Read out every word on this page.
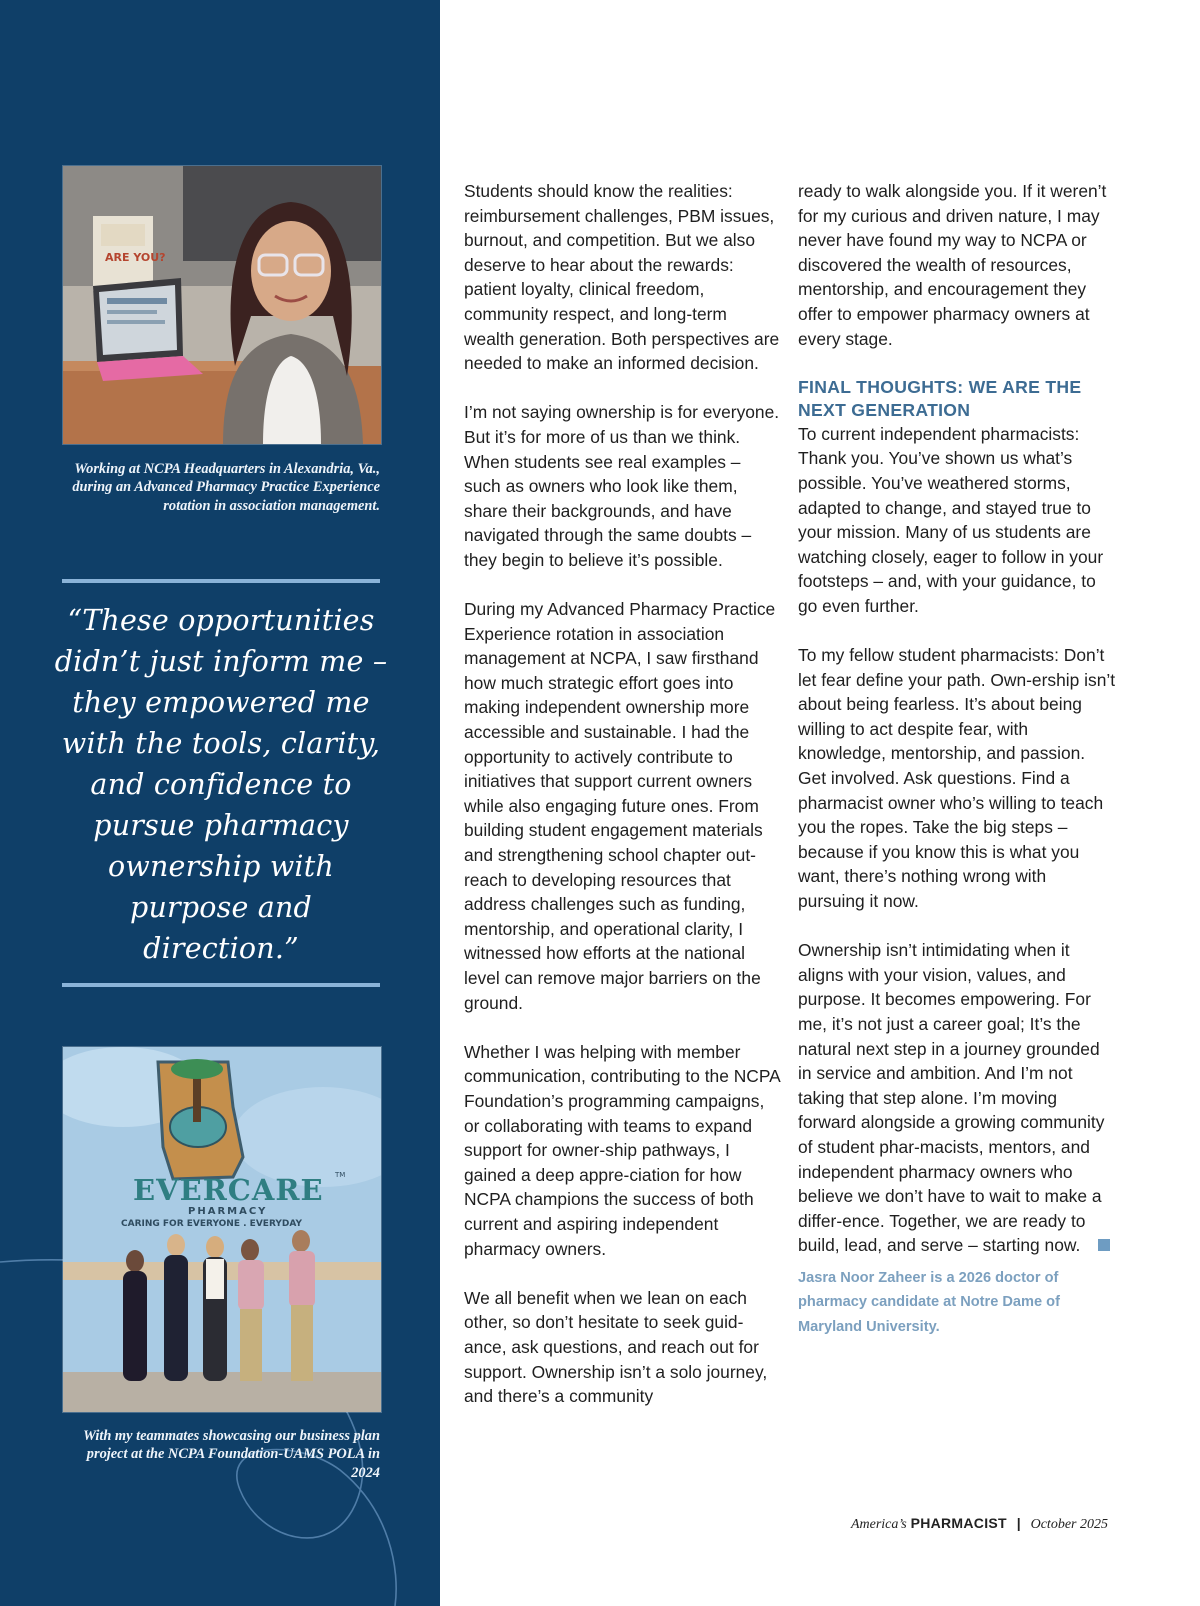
ARE YOU?
Working at NCPA Headquarters in Alexandria, Va., during an Advanced Pharmacy Practice Experience rotation in association management.
“These opportunities didn’t just inform me – they empowered me with the tools, clarity, and confidence to pursue pharmacy ownership with purpose and direction.”
EVERCARE TM
PHARMACY
CARING FOR EVERYONE . EVERYDAY
With my teammates showcasing our business plan project at the NCPA Foundation-UAMS POLA in 2024

Students should know the realities: reimbursement challenges, PBM issues, burnout, and competition. But we also deserve to hear about the rewards: patient loyalty, clinical freedom, community respect, and long-term wealth generation. Both perspectives are needed to make an informed decision.

I’m not saying ownership is for everyone. But it’s for more of us than we think. When students see real examples – such as owners who look like them, share their backgrounds, and have navigated through the same doubts – they begin to believe it’s possible.

During my Advanced Pharmacy Practice Experience rotation in association management at NCPA, I saw firsthand how much strategic effort goes into making independent ownership more accessible and sustainable. I had the opportunity to actively contribute to initiatives that support current owners while also engaging future ones. From building student engagement materials and strengthening school chapter out-reach to developing resources that address challenges such as funding, mentorship, and operational clarity, I witnessed how efforts at the national level can remove major barriers on the ground.

Whether I was helping with member communication, contributing to the NCPA Foundation’s programming campaigns, or collaborating with teams to expand support for owner-ship pathways, I gained a deep appre-ciation for how NCPA champions the success of both current and aspiring independent pharmacy owners.

We all benefit when we lean on each other, so don’t hesitate to seek guid-ance, ask questions, and reach out for support. Ownership isn’t a solo journey, and there’s a community

ready to walk alongside you. If it weren’t for my curious and driven nature, I may never have found my way to NCPA or discovered the wealth of resources, mentorship, and encouragement they offer to empower pharmacy owners at every stage.

FINAL THOUGHTS: WE ARE THE NEXT GENERATION

To current independent pharmacists: Thank you. You’ve shown us what’s possible. You’ve weathered storms, adapted to change, and stayed true to your mission. Many of us students are watching closely, eager to follow in your footsteps – and, with your guidance, to go even further.

To my fellow student pharmacists: Don’t let fear define your path. Own-ership isn’t about being fearless. It’s about being willing to act despite fear, with knowledge, mentorship, and passion. Get involved. Ask questions. Find a pharmacist owner who’s willing to teach you the ropes. Take the big steps – because if you know this is what you want, there’s nothing wrong with pursuing it now.

Ownership isn’t intimidating when it aligns with your vision, values, and purpose. It becomes empowering. For me, it’s not just a career goal; It’s the natural next step in a journey grounded in service and ambition. And I’m not taking that step alone. I’m moving forward alongside a growing community of student phar-macists, mentors, and independent pharmacy owners who believe we don’t have to wait to make a differ-ence. Together, we are ready to build, lead, and serve – starting now.

Jasra Noor Zaheer is a 2026 doctor of pharmacy candidate at Notre Dame of Maryland University.
America’s PHARMACIST | October 2025
